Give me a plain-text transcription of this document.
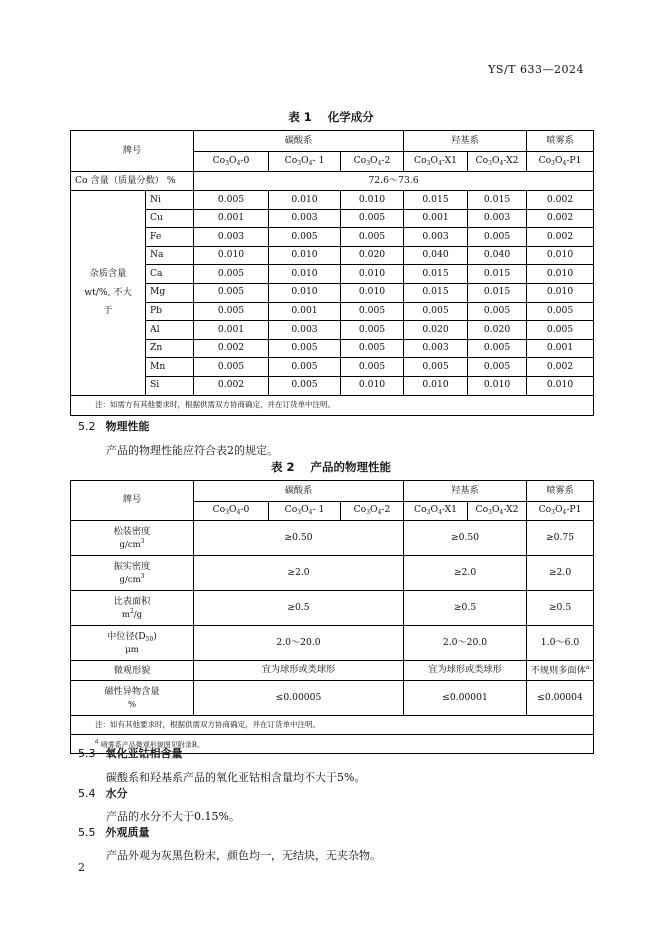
YS/T 633—2024
表 1 化学成分
牌号		碳酸系			羟基系		喷雾系
		$Co_3O_4-0$	$Co_3O_4-$ 1	$Co_3O_4-2$	$Co_3O_4-X1$	$Co_3O_4-X2$	$Co_3O_4-P1$
Co 含量（质量分数） %		72.6～73.6					

杂质含量
wt/%, 不大
于	Ni	0.005	0.010	0.010	0.015	0.015	0.002
	Cu	0.001	0.003	0.005	0.001	0.003	0.002
	Fe	0.003	0.005	0.005	0.003	0.005	0.002
	Na	0.010	0.010	0.020	0.040	0.040	0.010
	Ca	0.005	0.010	0.010	0.015	0.015	0.010
	Mg	0.005	0.010	0.010	0.015	0.015	0.010
	Pb	0.005	0.001	0.005	0.005	0.005	0.005
	Al	0.001	0.003	0.005	0.020	0.020	0.005
	Zn	0.002	0.005	0.005	0.003	0.005	0.001
	Mn	0.005	0.005	0.005	0.005	0.005	0.002
	Si	0.002	0.005	0.010	0.010	0.010	0.010
注：如需方有其他要求时，根据供需双方协商确定，并在订货单中注明。							
5.2 物理性能
产品的物理性能应符合表2的规定。
表 2 产品的物理性能
牌号	碳酸系			羟基系		喷雾系
	$Co_3O_4-0$	$Co_3O_4-$ 1	$Co_3O_4-2$	$Co_3O_4-X1$	$Co_3O_4-X2$	$Co_3O_4-P1$

松装密度
$g/cm^3$	≥0.50			≥0.50		≥0.75

振实密度
$g/cm^3$	≥2.0			≥2.0		≥2.0

比表面积
$m^2/g$	≥0.5			≥0.5		≥0.5

中位径$(D_{50})$
μm	2.0～20.0			2.0～20.0		1.0～6.0

微观形貌	宜为球形或类球形			宜为球形或类球形		不规则多面体$^a$

磁性异物含量
%	≤0.00005			≤0.00001		≤0.00004
注：如有其他要求时，根据供需双方协商确定，并在订货单中注明。						
a 喷雾系产品微观形貌图见附录B。						
5.3 氧化亚钴相含量
碳酸系和羟基系产品的氧化亚钴相含量均不大于5%。
5.4 水分
产品的水分不大于0.15%。
5.5 外观质量
产品外观为灰黑色粉末，颜色均一，无结块，无夹杂物。
2
